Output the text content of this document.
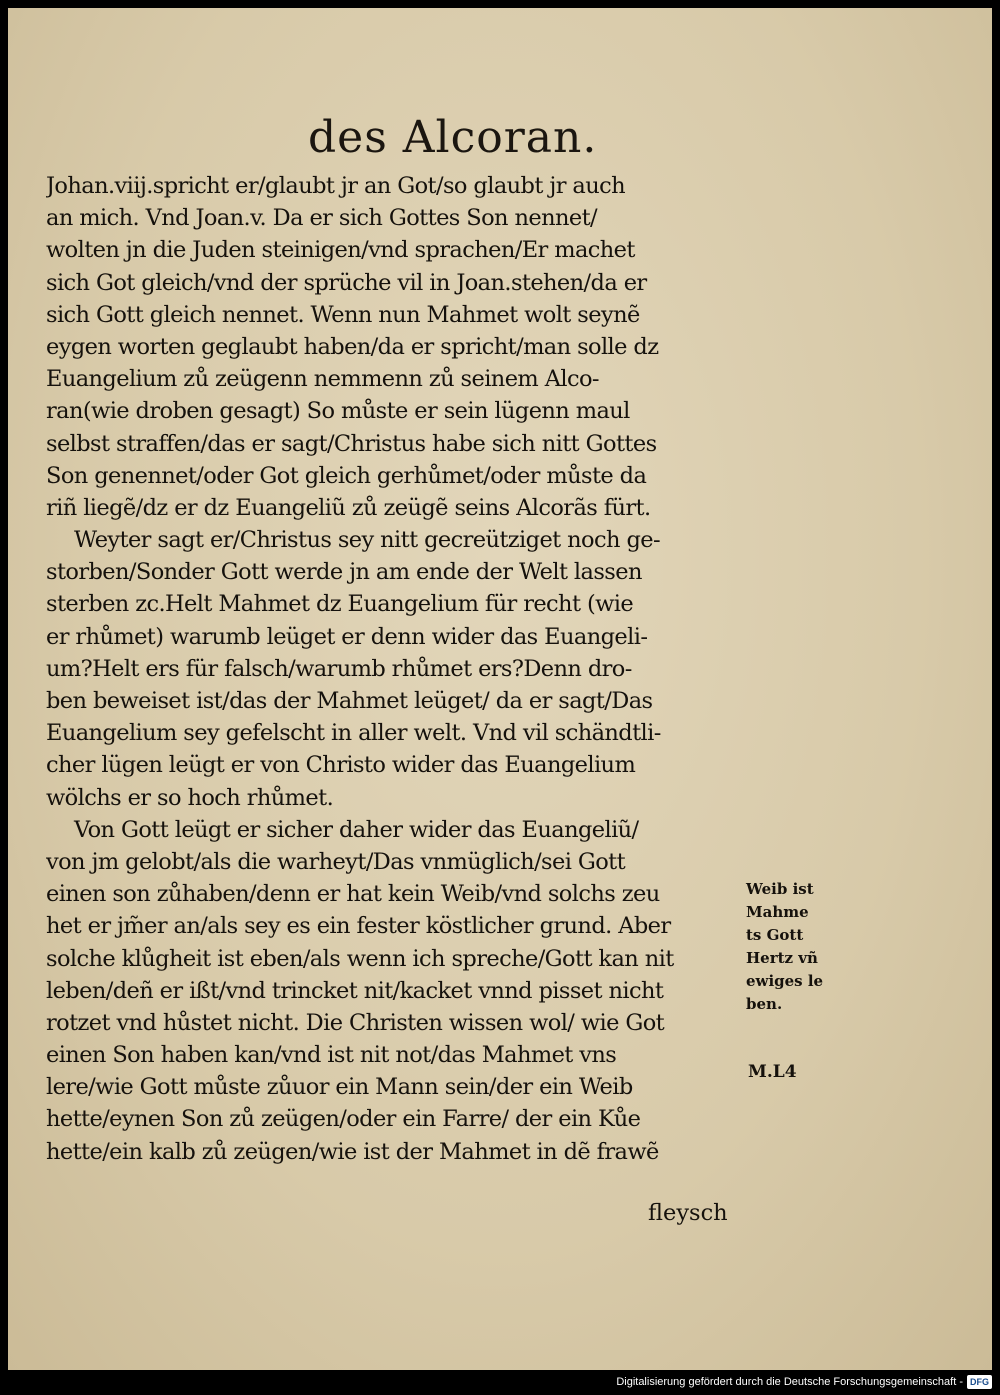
des Alcoran.
Johan.viij.spricht er/glaubt jr an Got/so glaubt jr auch
an mich. Vnd Joan.v. Da er sich Gottes Son nennet/
wolten jn die Juden steinigen/vnd sprachen/Er machet
sich Got gleich/vnd der sprüche vil in Joan.stehen/da er
sich Gott gleich nennet. Wenn nun Mahmet wolt seynẽ
eygen worten geglaubt haben/da er spricht/man solle dz
Euangelium zů zeügenn nemmenn zů seinem Alco-
ran(wie droben gesagt) So můste er sein lügenn maul
selbst straffen/das er sagt/Christus habe sich nitt Gottes
Son genennet/oder Got gleich gerhůmet/oder můste da
riñ liegẽ/dz er dz Euangeliũ zů zeügẽ seins Alcorãs fürt.
Weyter sagt er/Christus sey nitt gecreütziget noch ge-
storben/Sonder Gott werde jn am ende der Welt lassen
sterben zc.Helt Mahmet dz Euangelium für recht (wie
er rhůmet) warumb leüget er denn wider das Euangeli-
um?Helt ers für falsch/warumb rhůmet ers?Denn dro-
ben beweiset ist/das der Mahmet leüget/ da er sagt/Das
Euangelium sey gefelscht in aller welt. Vnd vil schändtli-
cher lügen leügt er von Christo wider das Euangelium
wölchs er so hoch rhůmet.
Von Gott leügt er sicher daher wider das Euangeliũ/
von jm gelobt/als die warheyt/Das vnmüglich/sei Gott
einen son zůhaben/denn er hat kein Weib/vnd solchs zeu
het er jm̃er an/als sey es ein fester köstlicher grund. Aber
solche klůgheit ist eben/als wenn ich spreche/Gott kan nit
leben/deñ er ißt/vnd trincket nit/kacket vnnd pisset nicht
rotzet vnd hůstet nicht. Die Christen wissen wol/ wie Got
einen Son haben kan/vnd ist nit not/das Mahmet vns
lere/wie Gott můste zůuor ein Mann sein/der ein Weib
hette/eynen Son zů zeügen/oder ein Farre/ der ein Kůe
hette/ein kalb zů zeügen/wie ist der Mahmet in dẽ frawẽ
Weib ist
Mahme
ts Gott
Hertz vñ
ewiges le
ben.
M.L4
fleysch
Digitalisierung gefördert durch die Deutsche Forschungsgemeinschaft - DFG
